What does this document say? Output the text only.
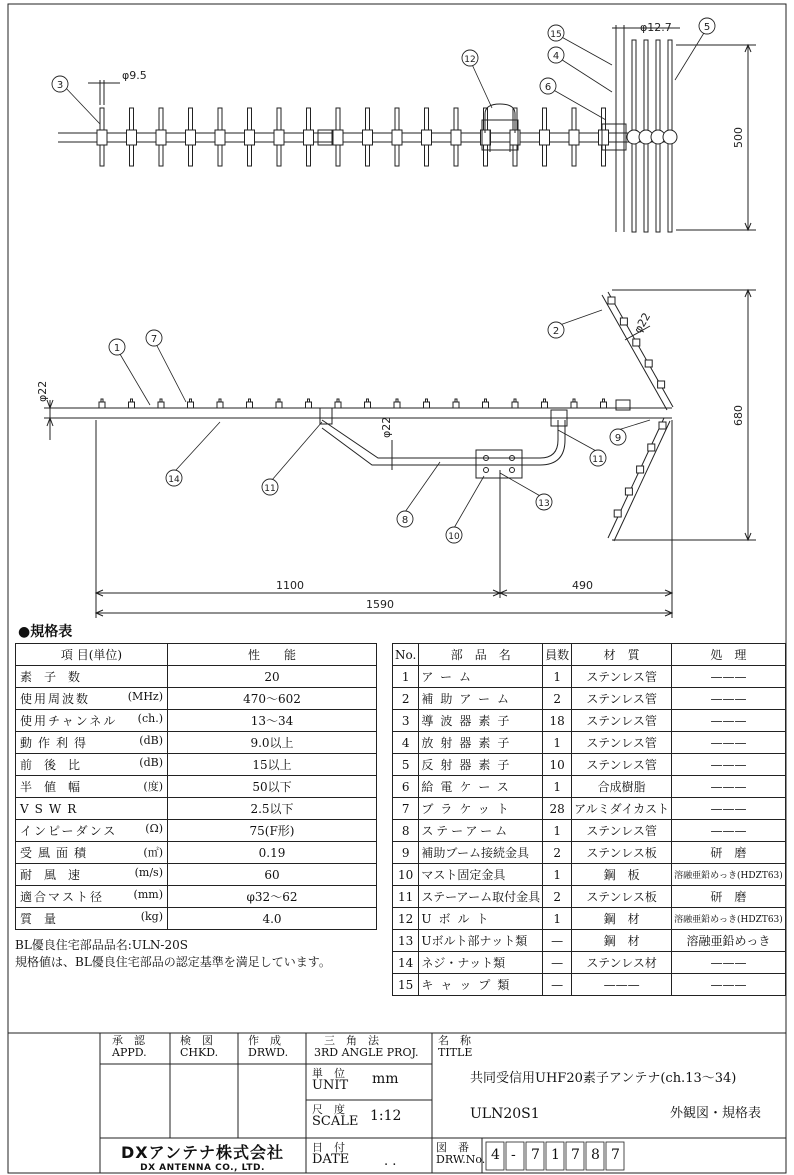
3
15
4
5
6
12
1
7
14
11
8
10
13
11
9
2
φ9.5
φ12.7
500
φ22
φ22
φ22
680
1100	490
1590
●規格表
項 目(単位)	性　　能

素子数	20

使用周波数 (MHz)	470〜602

使用チャンネル (ch.)	13〜34

動作利得 (dB)	9.0以上

前後比 (dB)	15以上

半値幅 (度)	50以下

VSWR	2.5以下

インピーダンス (Ω)	75(F形)

受風面積 (㎡)	0.19

耐風速 (m/s)	60

適合マスト径 (mm)	φ32〜62

質量 (kg)	4.0
BL優良住宅部品品名:ULN-20S
規格値は、BL優良住宅部品の認定基準を満足しています。
No.	部　品　名	員数	材　質	処　理
1	アーム	1	ステンレス管	———
2	補助アーム	2	ステンレス管	———
3	導波器素子	18	ステンレス管	———
4	放射器素子	1	ステンレス管	———
5	反射器素子	10	ステンレス管	———
6	給電ケース	1	合成樹脂	———
7	ブラケット	28	アルミダイカスト	———
8	ステーアーム	1	ステンレス管	———
9	補助ブーム接続金具	2	ステンレス板	研　磨
10	マスト固定金具	1	鋼　板	溶融亜鉛めっき(HDZT63)
11	ステーアーム取付金具	2	ステンレス板	研　磨
12	Uボルト	1	鋼　材	溶融亜鉛めっき(HDZT63)
13	Uボルト部ナット類	—	鋼　材	溶融亜鉛めっき
14	ネジ・ナット類	—	ステンレス材	———
15	キャップ類	—	———	———
承　認
APPD.
検　図
CHKD.
作　成
DRWD.
三　角　法
3RD ANGLE PROJ.
名　称
TITLE
単　位
UNIT mm
尺　度
SCALE 1:12
日　付
DATE	. .
図　番
DRW.No. 4 - 7 1 7 8 7
共同受信用UHF20素子アンテナ(ch.13〜34)
ULN20S1	外観図・規格表
DXアンテナ株式会社
DX ANTENNA CO., LTD.
